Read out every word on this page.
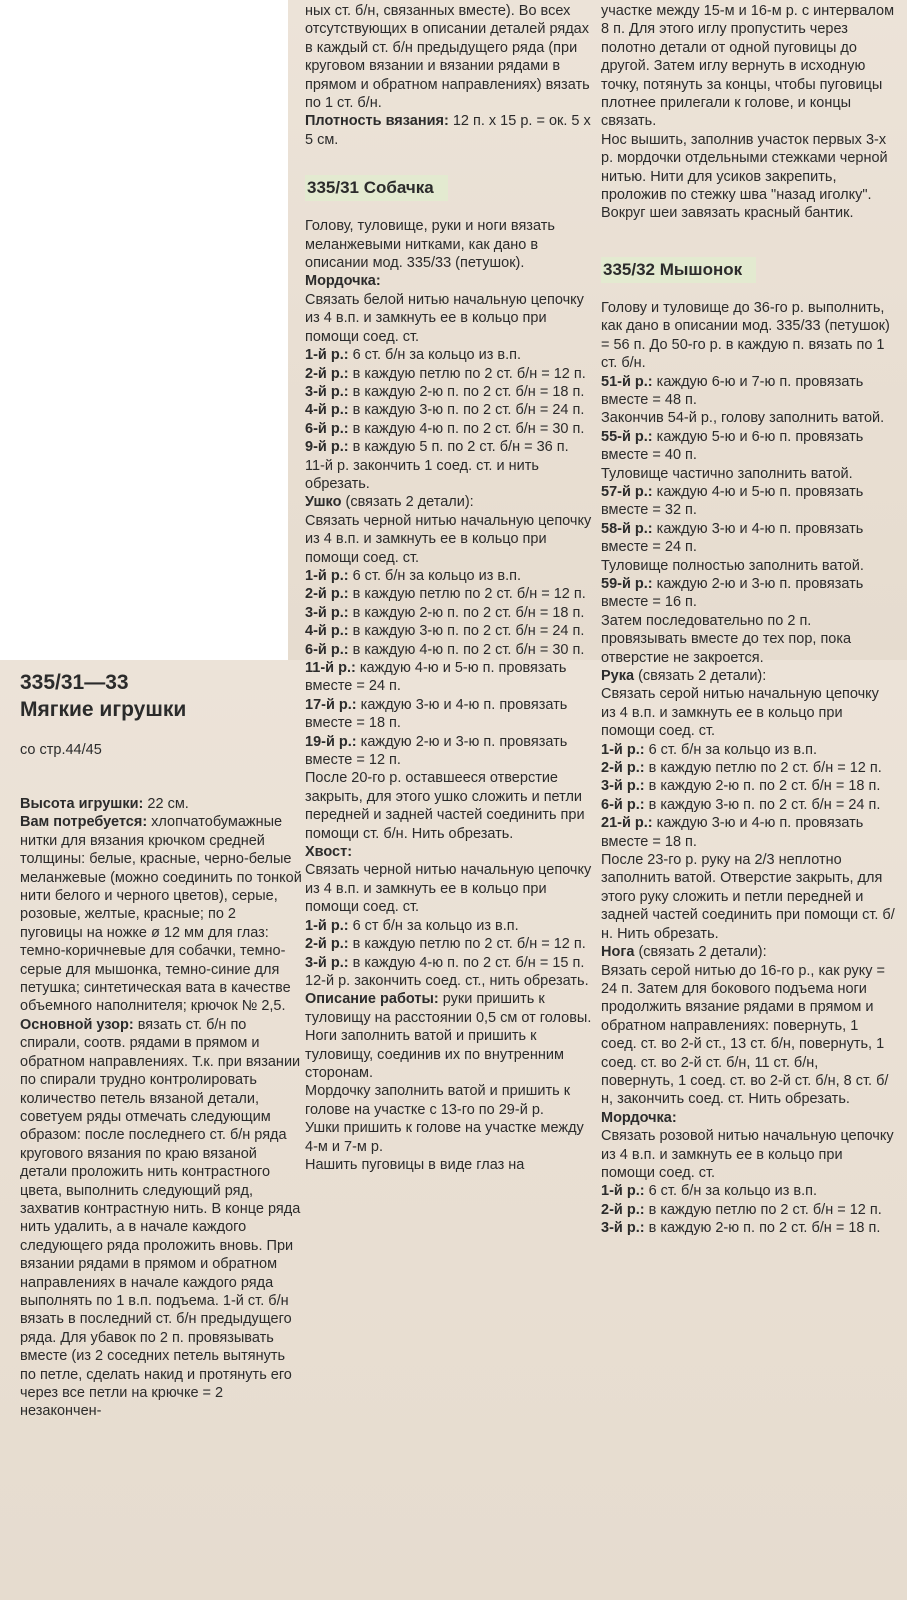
335/31—33
Мягкие игрушки
со стр.44/45

Высота игрушки: 22 см.

Вам потребуется: хлопчатобумажные нитки для вязания крючком средней толщины: белые, красные, черно-белые меланжевые (можно соединить по тонкой нити белого и черного цветов), серые, розовые, желтые, красные; по 2 пуговицы на ножке ø 12 мм для глаз: темно-коричневые для собачки, темно-серые для мышонка, темно-синие для петушка; синтетическая вата в качестве объемного наполнителя; крючок № 2,5.

Основной узор: вязать ст. б/н по спирали, соотв. рядами в прямом и обратном направлениях. Т.к. при вязании по спирали трудно контролировать количество петель вязаной детали, советуем ряды отмечать следующим образом: после последнего ст. б/н ряда кругового вязания по краю вязаной детали проложить нить контрастного цвета, выполнить следующий ряд, захватив контрастную нить. В конце ряда нить удалить, а в начале каждого следующего ряда проложить вновь. При вязании рядами в прямом и обратном направлениях в начале каждого ряда выполнять по 1 в.п. подъема. 1-й ст. б/н вязать в последний ст. б/н предыдущего ряда. Для убавок по 2 п. провязывать вместе (из 2 соседних петель вытянуть по петле, сделать накид и протянуть его через все петли на крючке = 2 незакончен-

ных ст. б/н, связанных вместе). Во всех отсутствующих в описании деталей рядах в каждый ст. б/н предыдущего ряда (при круговом вязании и вязании рядами в прямом и обратном направлениях) вязать по 1 ст. б/н.

Плотность вязания: 12 п. х 15 р. = ок. 5 х 5 см.

335/31 Собачка

Голову, туловище, руки и ноги вязать меланжевыми нитками, как дано в описании мод. 335/33 (петушок).

Мордочка:

Связать белой нитью начальную цепочку из 4 в.п. и замкнуть ее в кольцо при помощи соед. ст.

1-й р.: 6 ст. б/н за кольцо из в.п.

2-й р.: в каждую петлю по 2 ст. б/н = 12 п.

3-й р.: в каждую 2-ю п. по 2 ст. б/н = 18 п.

4-й р.: в каждую 3-ю п. по 2 ст. б/н = 24 п.

6-й р.: в каждую 4-ю п. по 2 ст. б/н = 30 п.

9-й р.: в каждую 5 п. по 2 ст. б/н = 36 п.

11-й р. закончить 1 соед. ст. и нить обрезать.

Ушко (связать 2 детали):

Связать черной нитью начальную цепочку из 4 в.п. и замкнуть ее в кольцо при помощи соед. ст.

1-й р.: 6 ст. б/н за кольцо из в.п.

2-й р.: в каждую петлю по 2 ст. б/н = 12 п.

3-й р.: в каждую 2-ю п. по 2 ст. б/н = 18 п.

4-й р.: в каждую 3-ю п. по 2 ст. б/н = 24 п.

6-й р.: в каждую 4-ю п. по 2 ст. б/н = 30 п.

11-й р.: каждую 4-ю и 5-ю п. провязать вместе = 24 п.

17-й р.: каждую 3-ю и 4-ю п. провязать вместе = 18 п.

19-й р.: каждую 2-ю и 3-ю п. провязать вместе = 12 п.

После 20-го р. оставшееся отверстие закрыть, для этого ушко сложить и петли передней и задней частей соединить при помощи ст. б/н. Нить обрезать.

Хвост:

Связать черной нитью начальную цепочку из 4 в.п. и замкнуть ее в кольцо при помощи соед. ст.

1-й р.: 6 ст б/н за кольцо из в.п.

2-й р.: в каждую петлю по 2 ст. б/н = 12 п.

3-й р.: в каждую 4-ю п. по 2 ст. б/н = 15 п.

12-й р. закончить соед. ст., нить обрезать.

Описание работы: руки пришить к туловищу на расстоянии 0,5 см от головы. Ноги заполнить ватой и пришить к туловищу, соединив их по внутренним сторонам.

Мордочку заполнить ватой и пришить к голове на участке с 13-го по 29-й р.

Ушки пришить к голове на участке между 4-м и 7-м р.

Нашить пуговицы в виде глаз на

участке между 15-м и 16-м р. с интервалом 8 п. Для этого иглу пропустить через полотно детали от одной пуговицы до другой. Затем иглу вернуть в исходную точку, потянуть за концы, чтобы пуговицы плотнее прилегали к голове, и концы связать.

Нос вышить, заполнив участок первых 3-х р. мордочки отдельными стежками черной нитью. Нити для усиков закрепить, проложив по стежку шва "назад иголку". Вокруг шеи завязать красный бантик.

335/32 Мышонок

Голову и туловище до 36-го р. выполнить, как дано в описании мод. 335/33 (петушок) = 56 п. До 50-го р. в каждую п. вязать по 1 ст. б/н.

51-й р.: каждую 6-ю и 7-ю п. провязать вместе = 48 п.

Закончив 54-й р., голову заполнить ватой.

55-й р.: каждую 5-ю и 6-ю п. провязать вместе = 40 п.

Туловище частично заполнить ватой.

57-й р.: каждую 4-ю и 5-ю п. провязать вместе = 32 п.

58-й р.: каждую 3-ю и 4-ю п. провязать вместе = 24 п.

Туловище полностью заполнить ватой.

59-й р.: каждую 2-ю и 3-ю п. провязать вместе = 16 п.

Затем последовательно по 2 п. провязывать вместе до тех пор, пока отверстие не закроется.

Рука (связать 2 детали):

Связать серой нитью начальную цепочку из 4 в.п. и замкнуть ее в кольцо при помощи соед. ст.

1-й р.: 6 ст. б/н за кольцо из в.п.

2-й р.: в каждую петлю по 2 ст. б/н = 12 п.

3-й р.: в каждую 2-ю п. по 2 ст. б/н = 18 п.

6-й р.: в каждую 3-ю п. по 2 ст. б/н = 24 п.

21-й р.: каждую 3-ю и 4-ю п. провязать вместе = 18 п.

После 23-го р. руку на 2/3 неплотно заполнить ватой. Отверстие закрыть, для этого руку сложить и петли передней и задней частей соединить при помощи ст. б/н. Нить обрезать.

Нога (связать 2 детали):

Вязать серой нитью до 16-го р., как руку = 24 п. Затем для бокового подъема ноги продолжить вязание рядами в прямом и обратном направлениях: повернуть, 1 соед. ст. во 2-й ст., 13 ст. б/н, повернуть, 1 соед. ст. во 2-й ст. б/н, 11 ст. б/н, повернуть, 1 соед. ст. во 2-й ст. б/н, 8 ст. б/н, закончить соед. ст. Нить обрезать.

Мордочка:

Связать розовой нитью начальную цепочку из 4 в.п. и замкнуть ее в кольцо при помощи соед. ст.

1-й р.: 6 ст. б/н за кольцо из в.п.

2-й р.: в каждую петлю по 2 ст. б/н = 12 п.

3-й р.: в каждую 2-ю п. по 2 ст. б/н = 18 п.
